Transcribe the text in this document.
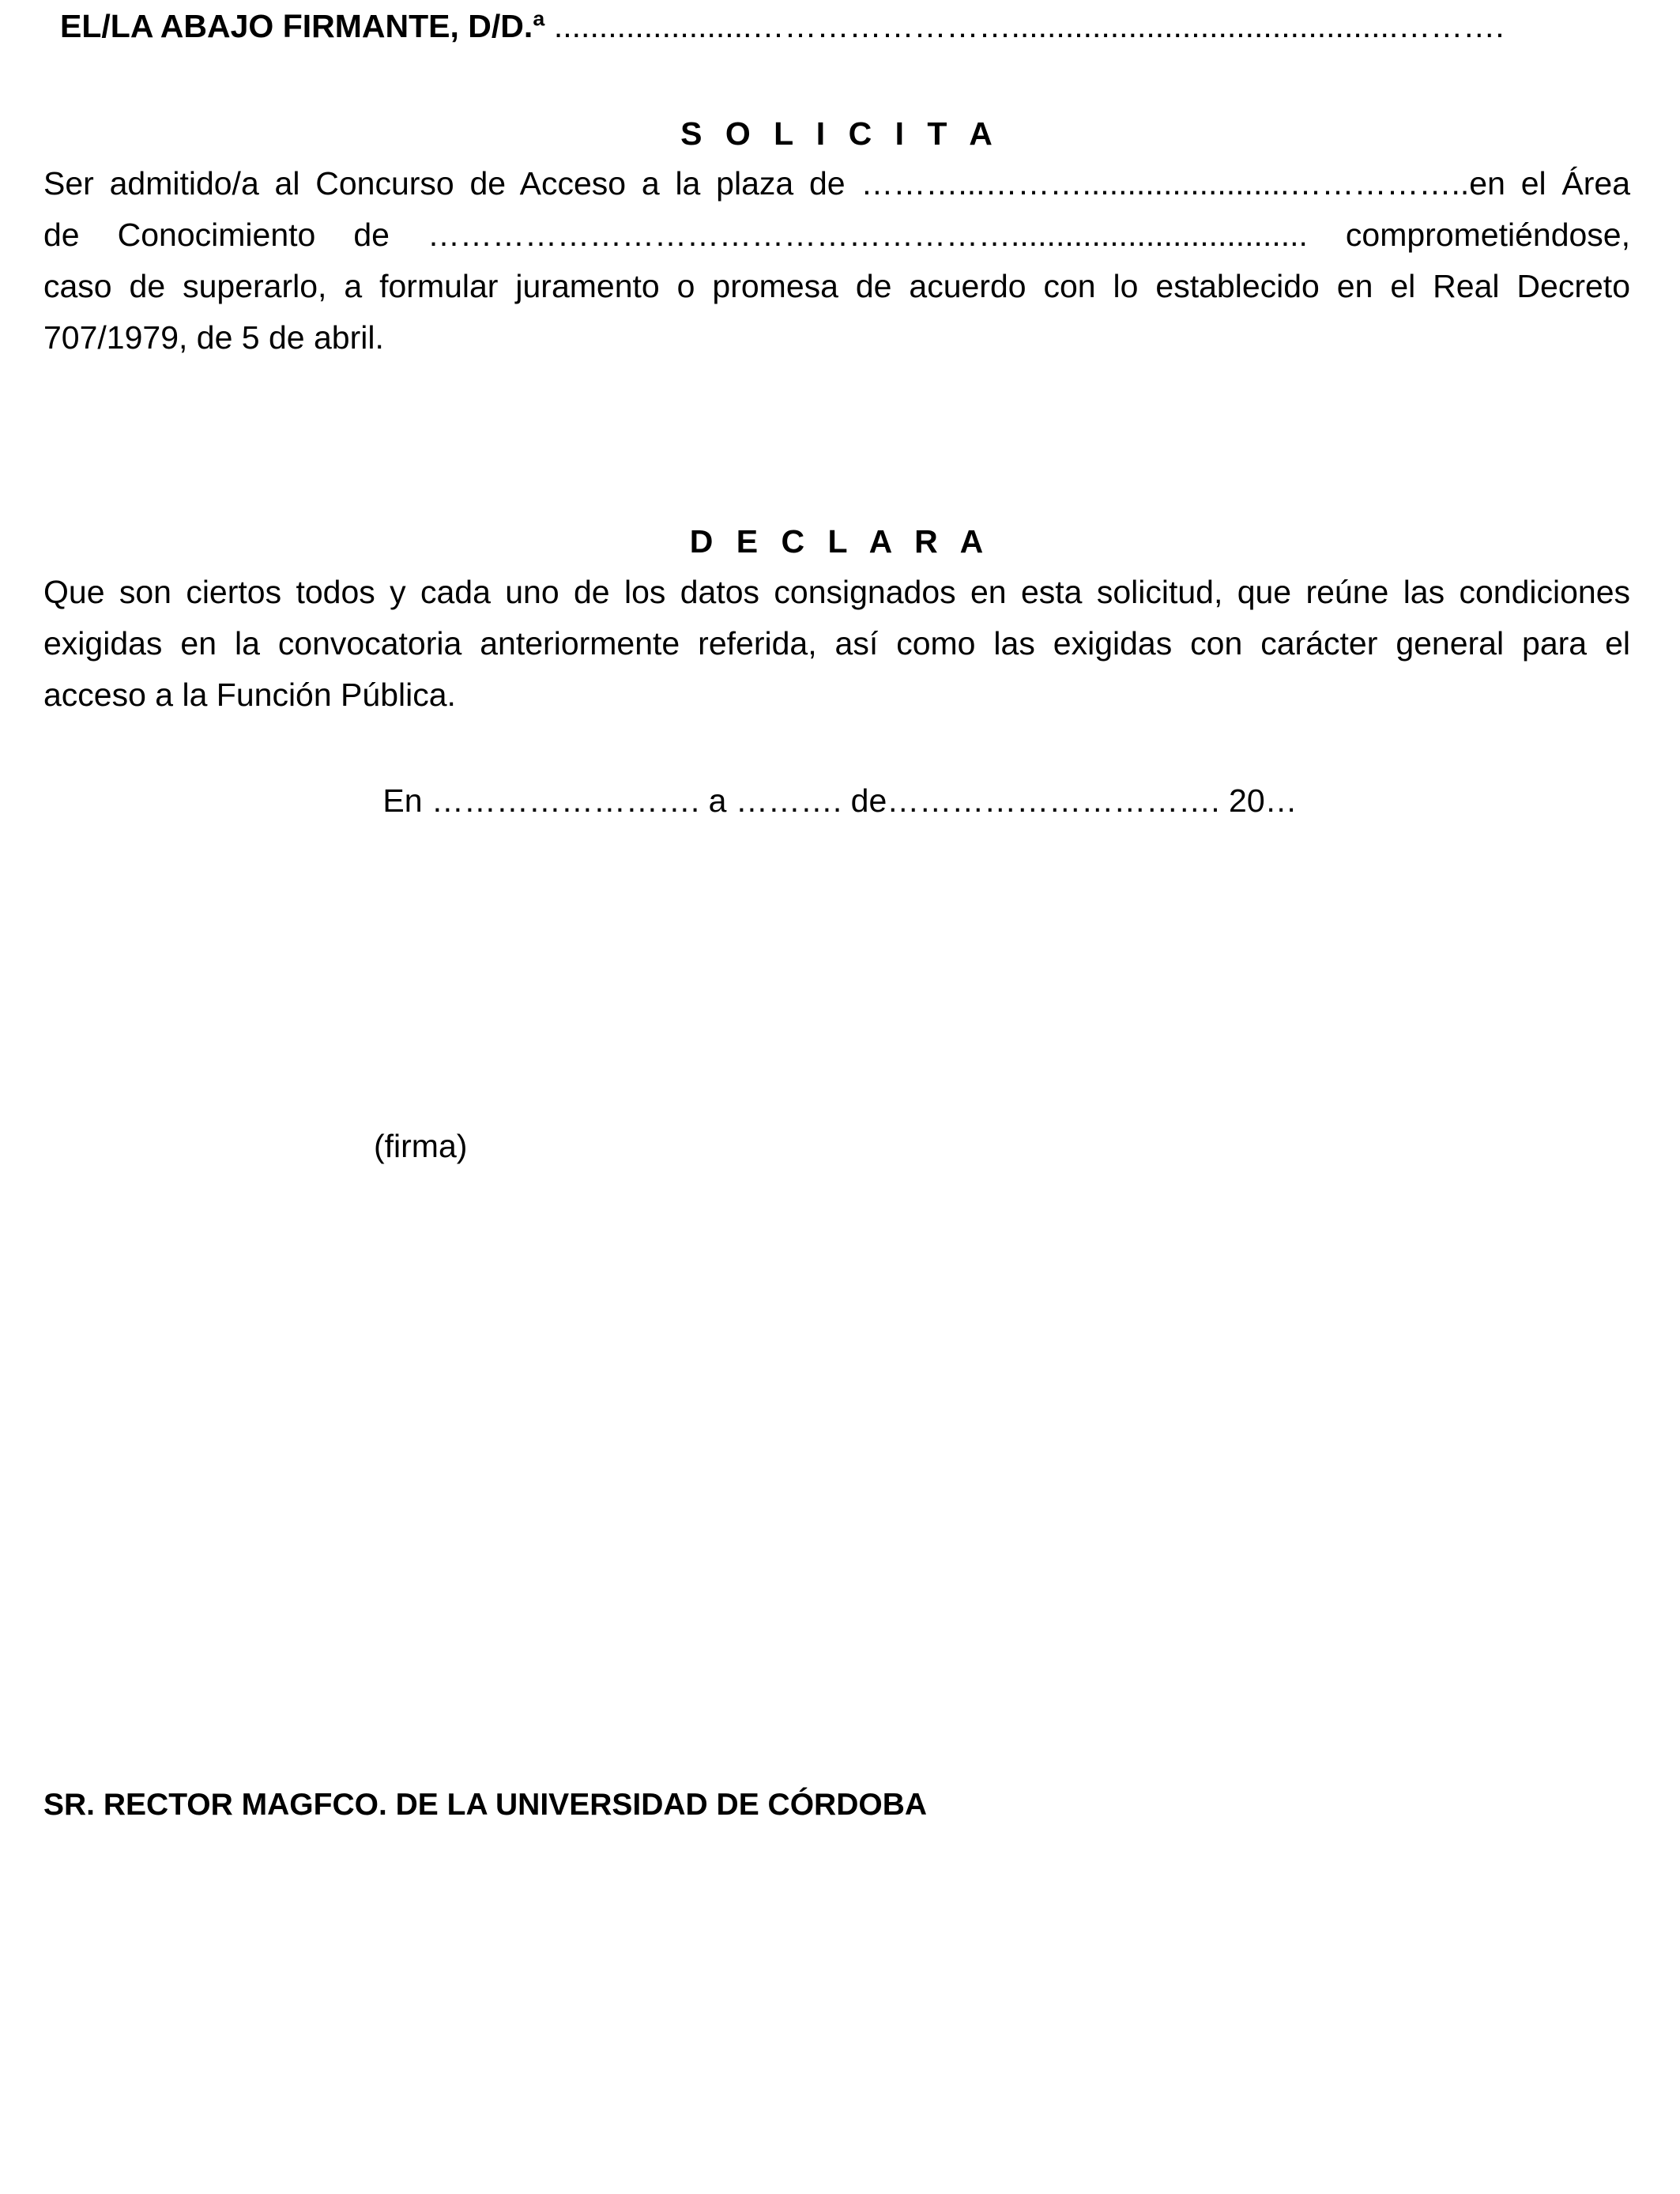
EL/LA ABAJO FIRMANTE, D/D.ª ......................……………………...........................................……….
S O L I C I T A
Ser admitido/a al Concurso de Acceso a la plaza de ………...……….......................……………..en el Área
de Conocimiento de ………………………………………………................................. comprometiéndose,
caso de superarlo, a formular juramento o promesa de acuerdo con lo establecido en el Real Decreto
707/1979, de 5 de abril.
D E C L A R A
Que son ciertos todos y cada uno de los datos consignados en esta solicitud, que reúne las condiciones
exigidas en la convocatoria anteriormente referida, así como las exigidas con carácter general para el
acceso a la Función Pública.
En ……………………. a ………. de…………………………. 20…
(firma)
SR. RECTOR MAGFCO. DE LA UNIVERSIDAD DE CÓRDOBA
